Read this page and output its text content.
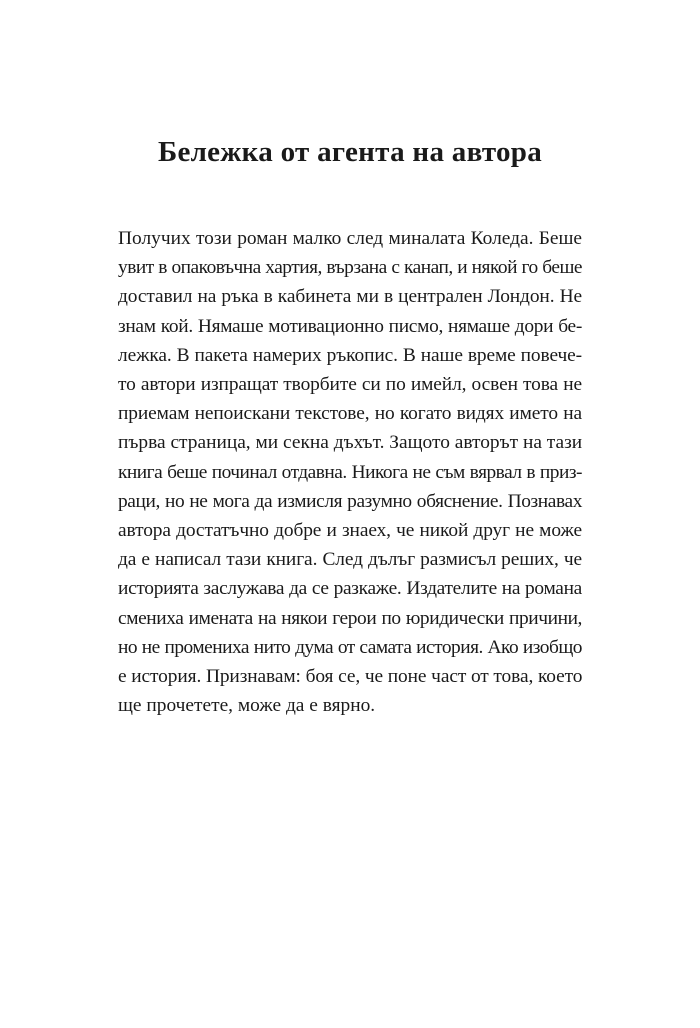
Бележка от агента на автора

Получих този роман малко след миналата Коледа. Беше
увит в опаковъчна хартия, вързана с канап, и някой го беше
доставил на ръка в кабинета ми в централен Лондон. Не
знам кой. Нямаше мотивационно писмо, нямаше дори бе-
лежка. В пакета намерих ръкопис. В наше време повече-
то автори изпращат творбите си по имейл, освен това не
приемам непоискани текстове, но когато видях името на
първа страница, ми секна дъхът. Защото авторът на тази
книга беше починал отдавна. Никога не съм вярвал в приз-
раци, но не мога да измисля разумно обяснение. Познавах
автора достатъчно добре и знаех, че никой друг не може
да е написал тази книга. След дълъг размисъл реших, че
историята заслужава да се разкаже. Издателите на романа
смениха имената на някои герои по юридически причини,
но не промениха нито дума от самата история. Ако изобщо
е история. Признавам: боя се, че поне част от това, което
ще прочетете, може да е вярно.
